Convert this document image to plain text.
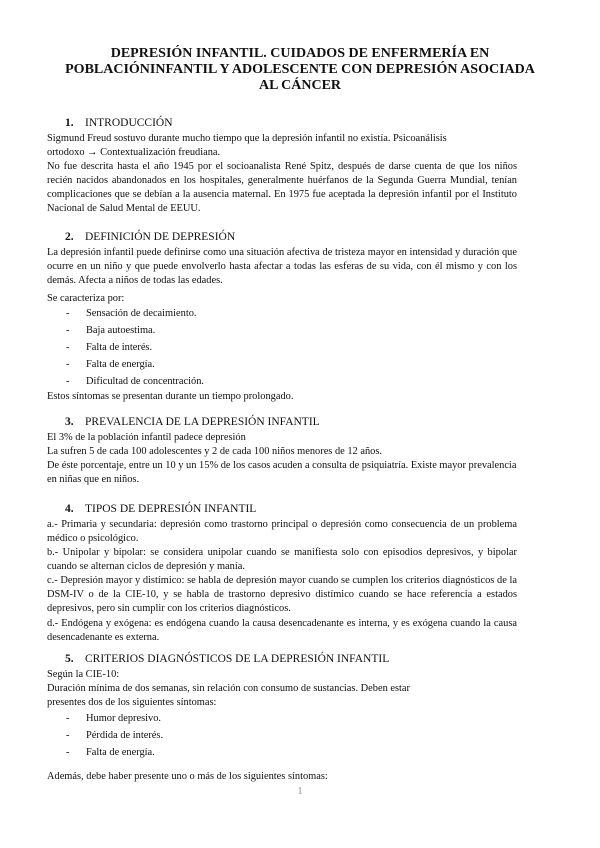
DEPRESIÓN INFANTIL. CUIDADOS DE ENFERMERÍA EN POBLACIÓNINFANTIL Y ADOLESCENTE CON DEPRESIÓN ASOCIADA AL CÁNCER
1. INTRODUCCIÓN
Sigmund Freud sostuvo durante mucho tiempo que la depresión infantil no existía. Psicoanálisis
ortodoxo → Contextualización freudiana.
No fue descrita hasta el año 1945 por el socioanalista René Spitz, después de darse cuenta de que los niños recién nacidos abandonados en los hospitales, generalmente huérfanos de la Segunda Guerra Mundial, tenían complicaciones que se debían a la ausencia maternal. En 1975 fue aceptada la depresión infantil por el Instituto Nacional de Salud Mental de EEUU.
2. DEFINICIÓN DE DEPRESIÓN
La depresión infantil puede definirse como una situación afectiva de tristeza mayor en intensidad y duración que ocurre en un niño y que puede envolverlo hasta afectar a todas las esferas de su vida, con él mismo y con los demás. Afecta a niños de todas las edades.
Se caracteriza por:
- Sensación de decaimiento.
- Baja autoestima.
- Falta de interés.
- Falta de energía.
- Dificultad de concentración.
Estos síntomas se presentan durante un tiempo prolongado.
3. PREVALENCIA DE LA DEPRESIÓN INFANTIL
El 3% de la población infantil padece depresión
La sufren 5 de cada 100 adolescentes y 2 de cada 100 niños menores de 12 años.
De éste porcentaje, entre un 10 y un 15% de los casos acuden a consulta de psiquiatría. Existe mayor prevalencia en niñas que en niños.
4. TIPOS DE DEPRESIÓN INFANTIL
a.- Primaria y secundaria: depresión como trastorno principal o depresión como consecuencia de un problema médico o psicológico.
b.- Unipolar y bipolar: se considera unipolar cuando se manifiesta solo con episodios depresivos, y bipolar cuando se alternan ciclos de depresión y manía.
c.- Depresión mayor y distímico: se habla de depresión mayor cuando se cumplen los criterios diagnósticos de la DSM-IV o de la CIE-10, y se habla de trastorno depresivo distímico cuando se hace referencia a estados depresivos, pero sin cumplir con los criterios diagnósticos.
d.- Endógena y exógena: es endógena cuando la causa desencadenante es interna, y es exógena cuando la causa desencadenante es externa.
5. CRITERIOS DIAGNÓSTICOS DE LA DEPRESIÓN INFANTIL
Según la CIE-10:
Duración mínima de dos semanas, sin relación con consumo de sustancias. Deben estar
presentes dos de los siguientes síntomas:
- Humor depresivo.
- Pérdida de interés.
- Falta de energía.
Además, debe haber presente uno o más de los siguientes síntomas:
1
